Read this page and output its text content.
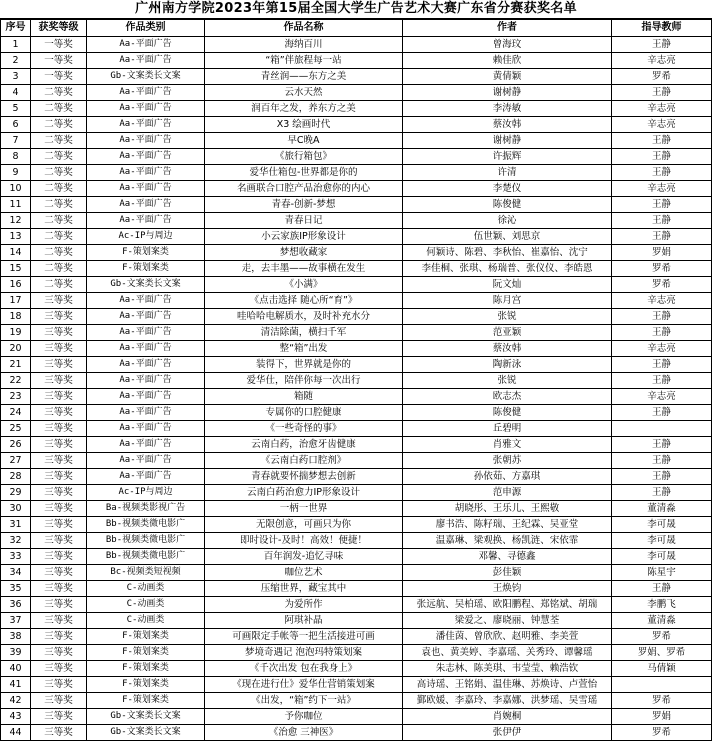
广州南方学院2023年第15届全国大学生广告艺术大赛广东省分赛获奖名单
序号	获奖等级	作品类别	作品名称	作者	指导教师
1	一等奖	Aa-平面广告	海纳百川	曾海玟	王静
2	一等奖	Aa-平面广告	“箱”伴旅程每一站	赖佳欣	辛志亮
3	一等奖	Gb-文案类长文案	青丝润——东方之美	黄倩颖	罗希
4	二等奖	Aa-平面广告	云水天然	谢树静	王静
5	二等奖	Aa-平面广告	润百年之发，养东方之美	李涛敏	辛志亮
6	二等奖	Aa-平面广告	X3 绘画时代	蔡汝韩	辛志亮
7	二等奖	Aa-平面广告	早C晚A	谢树静	王静
8	二等奖	Aa-平面广告	《旅行箱包》	许振辉	王静
9	二等奖	Aa-平面广告	爱华仕箱包-世界都是你的	许清	王静
10	二等奖	Aa-平面广告	名画联合口腔产品治愈你的内心	李楚仪	辛志亮
11	二等奖	Aa-平面广告	青春-创新-梦想	陈俊健	王静
12	二等奖	Aa-平面广告	青春日记	徐沁	王静
13	二等奖	Ac-IP与周边	小云家族IP形象设计	伍世颖、刘思京	王静
14	二等奖	F-策划案类	梦想收藏家	何颖诗、陈碧、李秋怡、崔嘉怡、沈宁	罗娟
15	二等奖	F-策划案类	走，去丰墨——故事横在发生	李佳桐、张琪、杨瑞普、张仪仪、李皓恩	罗希
16	二等奖	Gb-文案类长文案	《小满》	阮文灿	罗希
17	三等奖	Aa-平面广告	《点击选择 随心所“育”》	陈月宫	辛志亮
18	三等奖	Aa-平面广告	哇哈哈电解质水，及时补充水分	张锐	王静
19	三等奖	Aa-平面广告	清洁除菌，横扫千军	范亚颖	王静
20	三等奖	Aa-平面广告	整“箱”出发	蔡汝韩	辛志亮
21	三等奖	Aa-平面广告	装得下，世界就是你的	陶新泳	王静
22	三等奖	Aa-平面广告	爱华仕，陪伴你每一次出行	张锐	王静
23	三等奖	Aa-平面广告	箱随	欧志杰	辛志亮
24	三等奖	Aa-平面广告	专属你的口腔健康	陈俊健	王静
25	三等奖	Aa-平面广告	《一些奇怪的事》	丘碧明	
26	三等奖	Aa-平面广告	云南白药，治愈牙齿健康	肖雅文	王静
27	三等奖	Aa-平面广告	《云南白药口腔剂》	张朝苏	王静
28	三等奖	Aa-平面广告	青春就要怀揣梦想去创新	孙依茹、方嘉琪	王静
29	三等奖	Ac-IP与周边	云南白药治愈力IP形象设计	范申源	王静
30	三等奖	Ba-视频类影视广告	一柄一世界	胡晓彤、王乐儿、王熙敬	董清淼
31	三等奖	Bb-视频类微电影广	无限创意，可画只为你	廖书浩、陈籽瑞、王纪霖、吴亚堂	李可晟
32	三等奖	Bb-视频类微电影广	即时设计-及时！高效！便捷！	温嘉琳、梁观换、杨凯涟、宋依霏	李可晟
33	三等奖	Bb-视频类微电影广	百年润发-追忆寻味	邓馨、寻德鑫	李可晟
34	三等奖	Bc-视频类短视频	咖位艺术	彭佳颖	陈星宇
35	三等奖	C-动画类	压缩世界，藏宝其中	王焕钧	王静
36	三等奖	C-动画类	为爱所作	张远航、吴柏瑶、欧阳鹏程、郑铭斌、胡瑞	李鹏飞
37	三等奖	C-动画类	阿琪补晶	梁爱之、廖晓丽、钟慧荃	董清淼
38	三等奖	F-策划案类	可画限定手帐等一把生活接进可画	潘佳茵、曾欣欣、赵明雅、李美萱	罗希
39	三等奖	F-策划案类	梦境奇遇记 泡泡玛特策划案	袁也、黄美婷、李嘉瑶、关秀玲、谭馨瑶	罗娟、罗希
40	三等奖	F-策划案类	《千次出发 包在我身上》	朱志林、陈美琪、韦莹莹、赖浩钦	马倩颖
41	三等奖	F-策划案类	《现在进行仕》爱华仕营销策划案	高诗瑶、王铭娟、温佳琳、苏焕诗、卢萱怡	
42	三等奖	F-策划案类	《出发，“箱”约下一站》	鄞欧媛、李嘉玲、李嘉娜、洪梦瑶、吴雪瑶	罗希
43	三等奖	Gb-文案类长文案	予你咖位	肖婉桐	罗娟
44	三等奖	Gb-文案类长文案	《治愈 三神医》	张伊伊	罗希
